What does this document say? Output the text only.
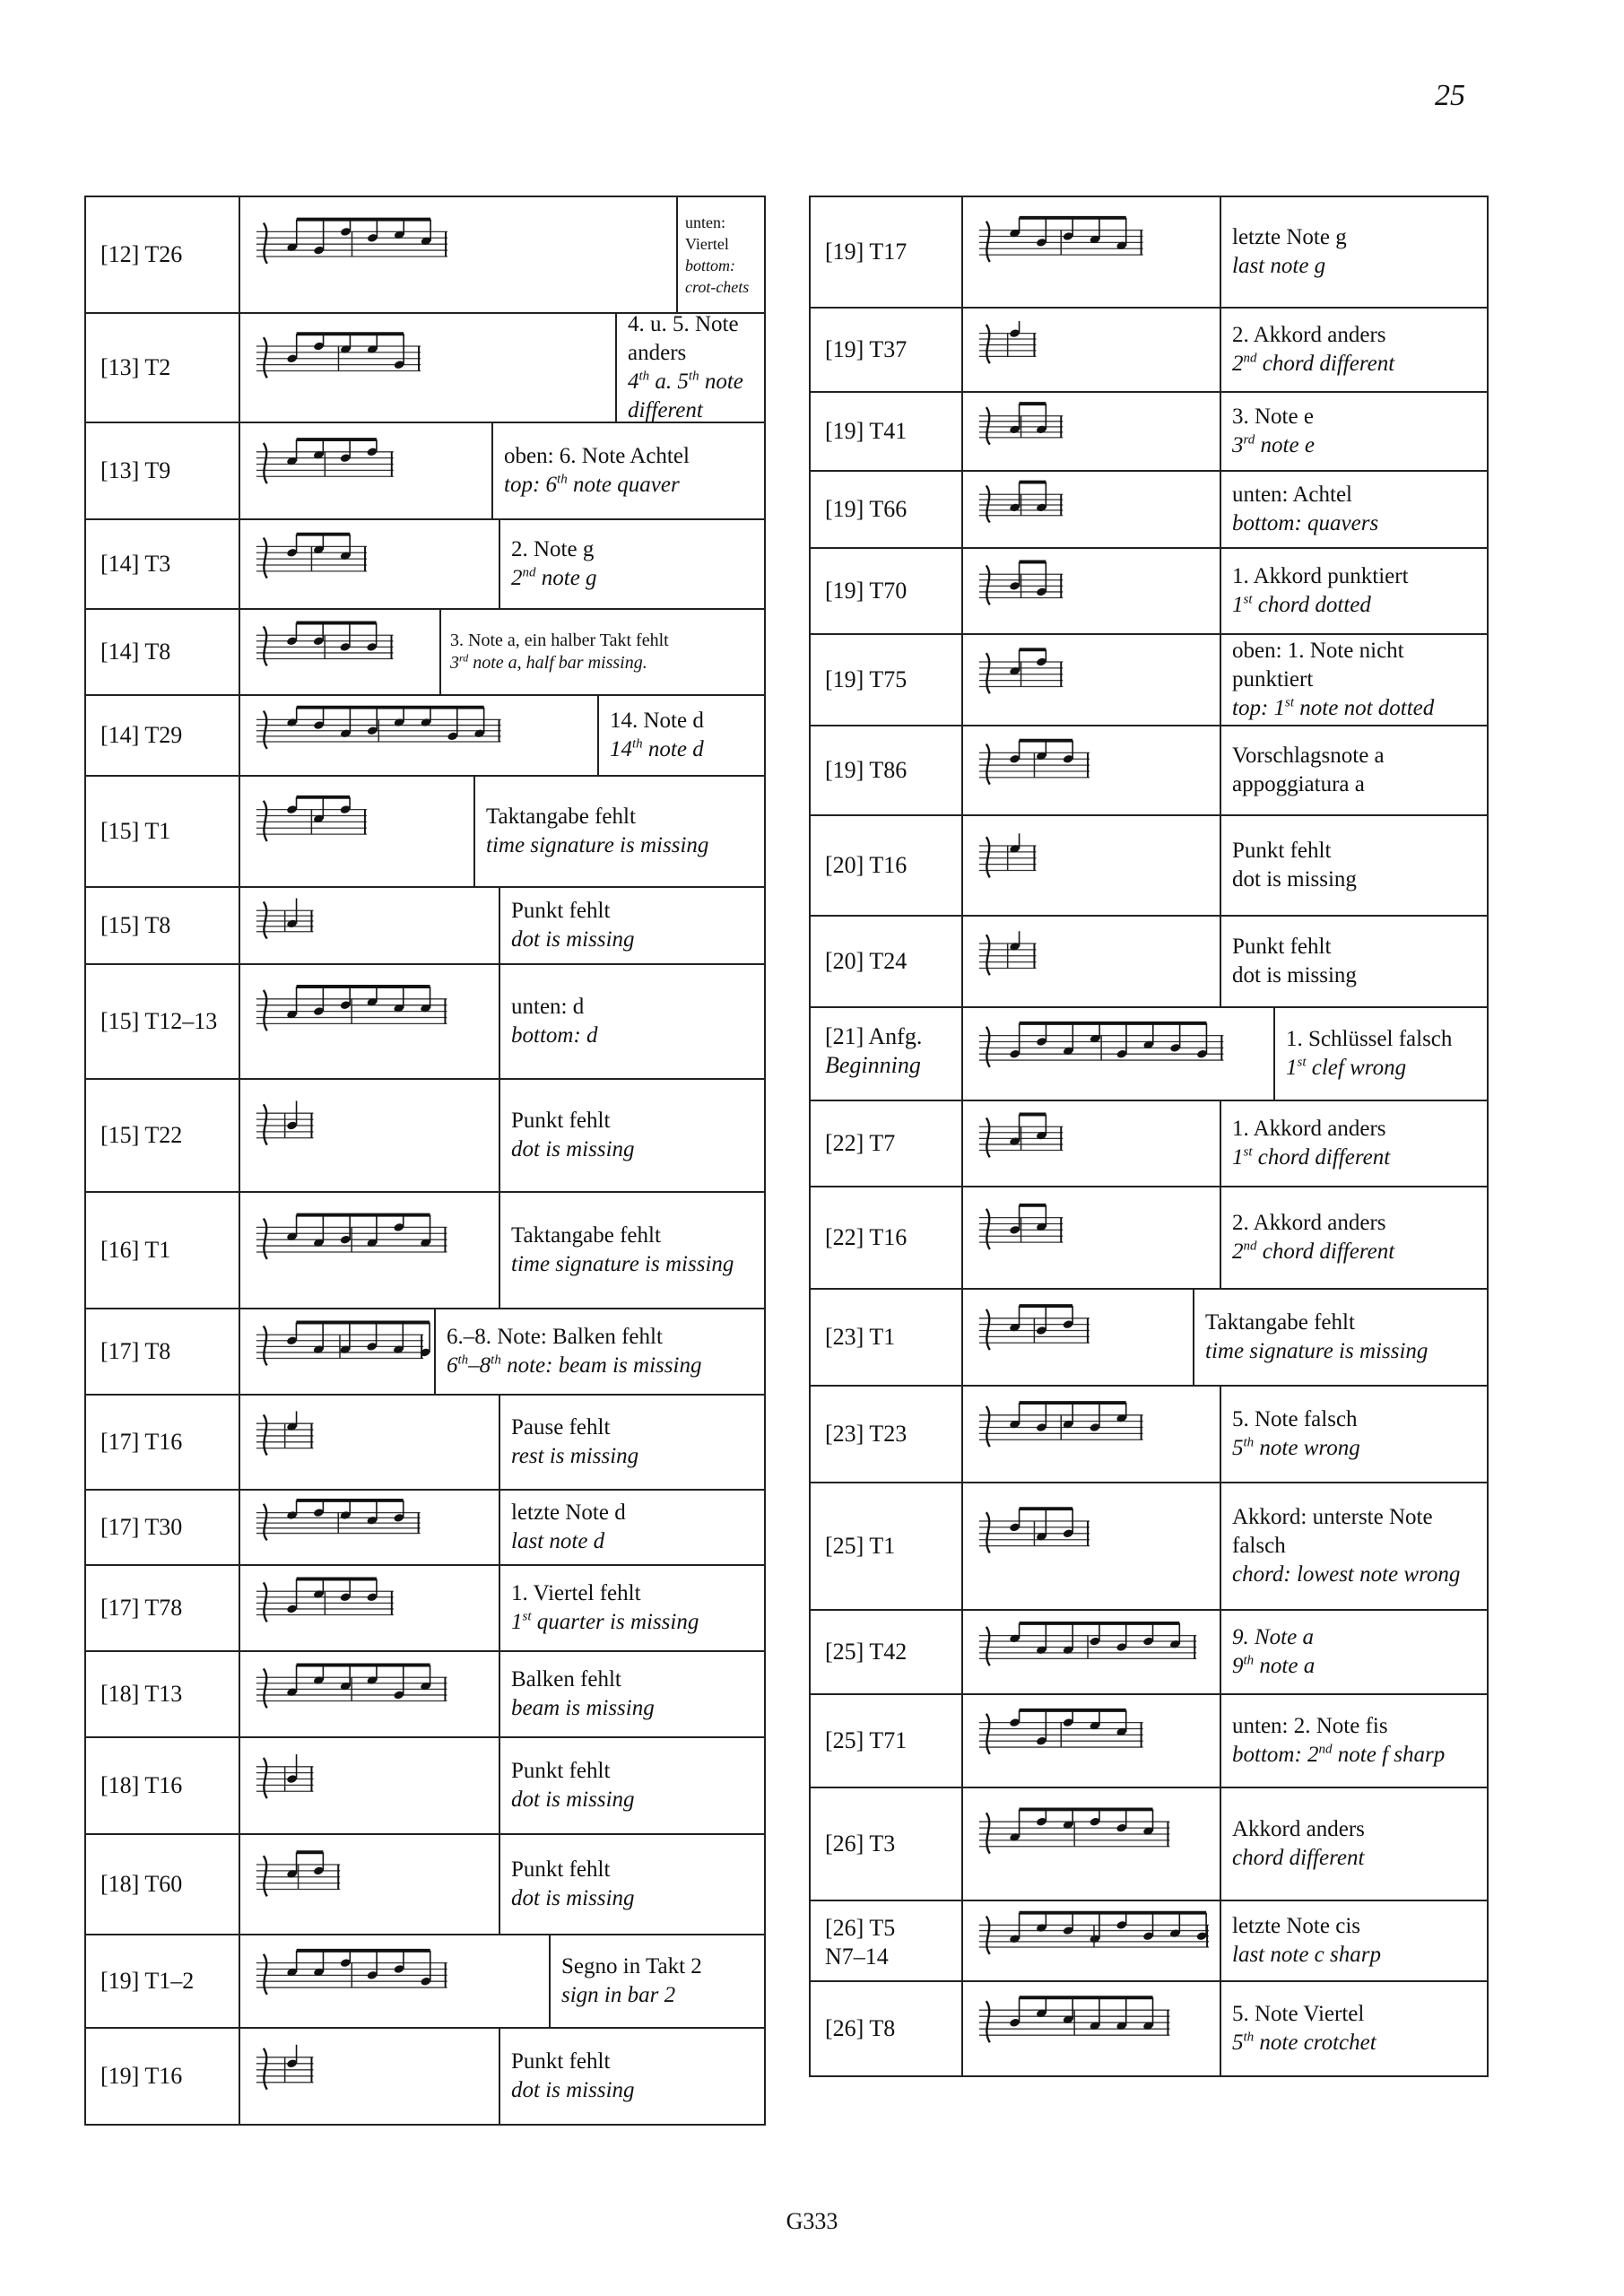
25
[12] T26
unten: Viertel
bottom: crot-chets
[13] T2
4. u. 5. Note anders
4th a. 5th note different
[13] T9
oben: 6. Note Achtel
top: 6th note quaver
[14] T3
2. Note g
2nd note g
[14] T8	3. Note a, ein halber Takt fehlt
3rd note a, half bar missing.
[14] T29
14. Note d
14th note d
[15] T1
Taktangabe fehlt
time signature is missing
[15] T8
Punkt fehlt
dot is missing
[15] T12–13
unten: d
bottom: d
[15] T22
Punkt fehlt
dot is missing
[16] T1
Taktangabe fehlt
time signature is missing
[17] T8
6.–8. Note: Balken fehlt
6th–8th note: beam is missing
[17] T16
Pause fehlt
rest is missing
[17] T30
letzte Note d
last note d
[17] T78
1. Viertel fehlt
1st quarter is missing
[18] T13
Balken fehlt
beam is missing
[18] T16
Punkt fehlt
dot is missing
[18] T60
Punkt fehlt
dot is missing
[19] T1–2
Segno in Takt 2
sign in bar 2
[19] T16
Punkt fehlt
dot is missing
[19] T17
letzte Note g
last note g
[19] T37
2. Akkord anders
2nd chord different
[19] T41
3. Note e
3rd note e
[19] T66
unten: Achtel
bottom: quavers
[19] T70
1. Akkord punktiert
1st chord dotted
[19] T75
oben: 1. Note nicht punktiert
top: 1st note not dotted
[19] T86
Vorschlagsnote a
appoggiatura a
[20] T16
Punkt fehlt
dot is missing
[20] T24
Punkt fehlt
dot is missing
[21] Anfg.
Beginning
1. Schlüssel falsch
1st clef wrong
[22] T7
1. Akkord anders
1st chord different
[22] T16
2. Akkord anders
2nd chord different
[23] T1
Taktangabe fehlt
time signature is missing
[23] T23
5. Note falsch
5th note wrong
[25] T1
Akkord: unterste Note falsch
chord: lowest note wrong
[25] T42
9. Note a
9th note a
[25] T71
unten: 2. Note fis
bottom: 2nd note f sharp
[26] T3
Akkord anders
chord different
[26] T5 N7–14
letzte Note cis
last note c sharp
[26] T8
5. Note Viertel
5th note crotchet
G333
